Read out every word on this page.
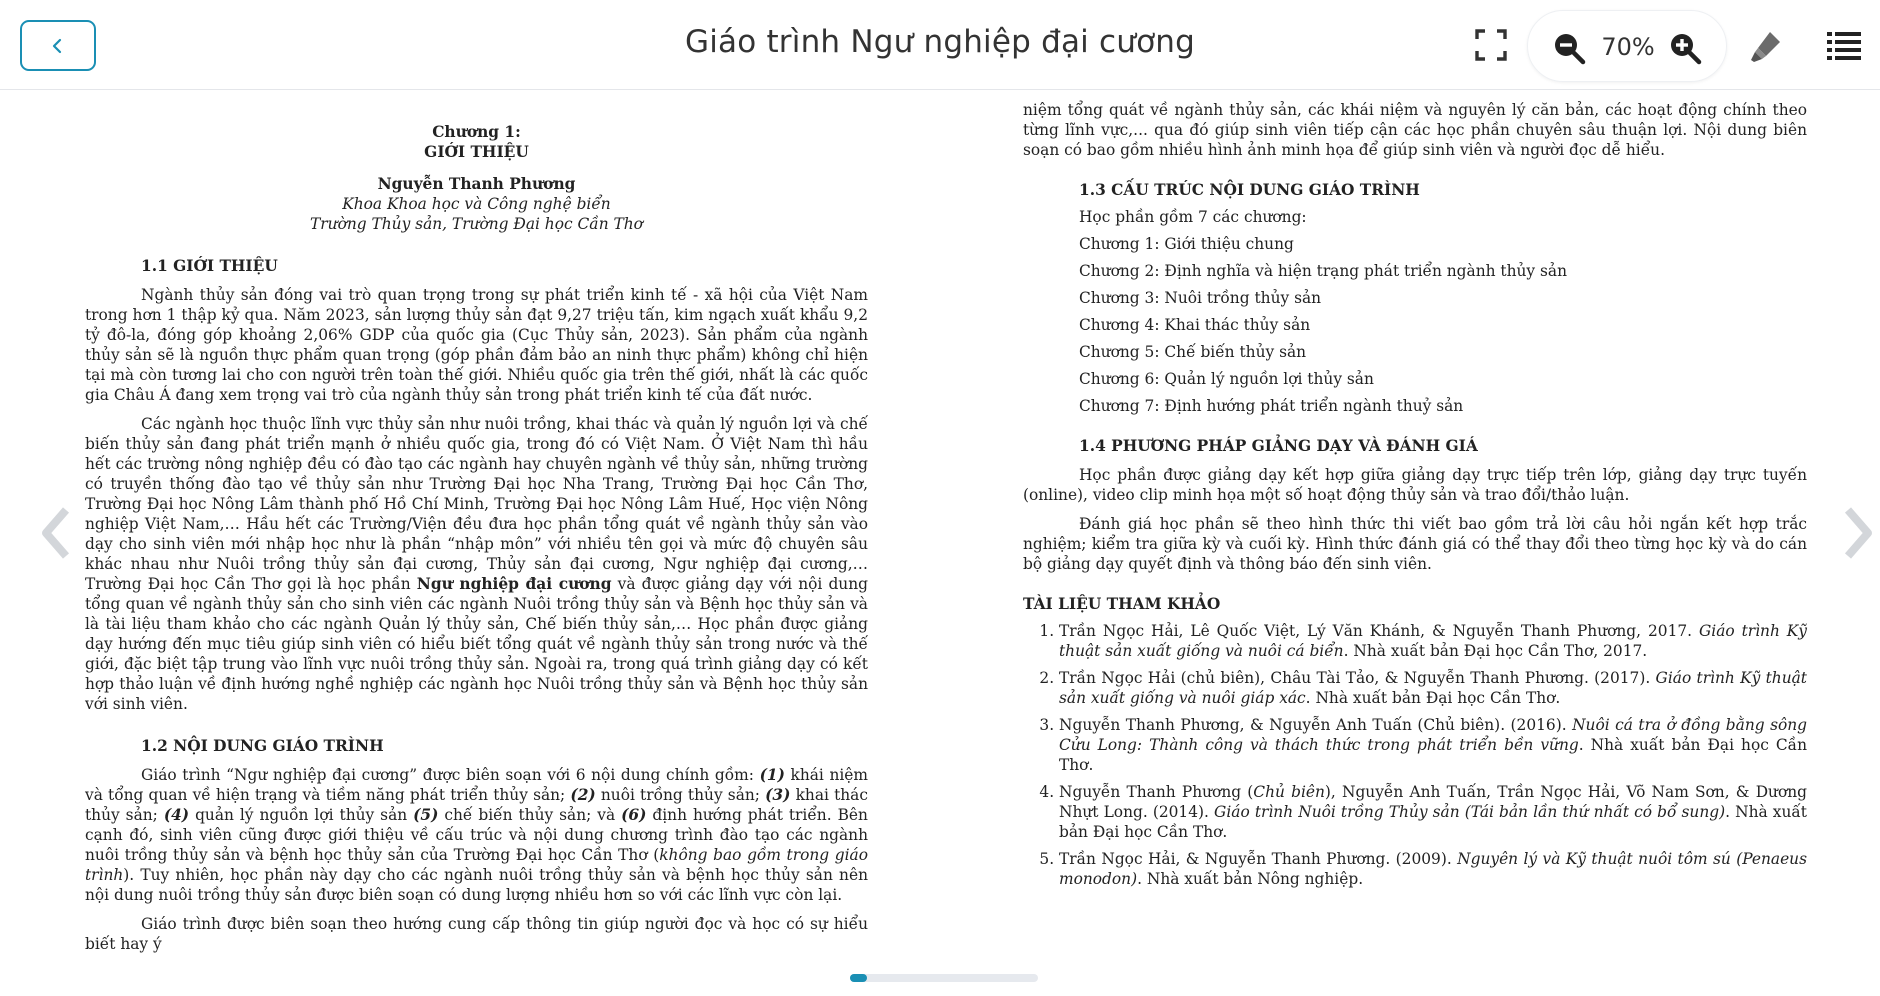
Giáo trình Ngư nghiệp đại cương	70%
Chương 1:
GIỚI THIỆU
Nguyễn Thanh Phương
Khoa Khoa học và Công nghệ biển
Trường Thủy sản, Trường Đại học Cần Thơ
1.1 GIỚI THIỆU

Ngành thủy sản đóng vai trò quan trọng trong sự phát triển kinh tế - xã hội của Việt Nam trong hơn 1 thập kỷ qua. Năm 2023, sản lượng thủy sản đạt 9,27 triệu tấn, kim ngạch xuất khẩu 9,2 tỷ đô-la, đóng góp khoảng 2,06% GDP của quốc gia (Cục Thủy sản, 2023). Sản phẩm của ngành thủy sản sẽ là nguồn thực phẩm quan trọng (góp phần đảm bảo an ninh thực phẩm) không chỉ hiện tại mà còn tương lai cho con người trên toàn thế giới. Nhiều quốc gia trên thế giới, nhất là các quốc gia Châu Á đang xem trọng vai trò của ngành thủy sản trong phát triển kinh tế của đất nước.

Các ngành học thuộc lĩnh vực thủy sản như nuôi trồng, khai thác và quản lý nguồn lợi và chế biến thủy sản đang phát triển mạnh ở nhiều quốc gia, trong đó có Việt Nam. Ở Việt Nam thì hầu hết các trường nông nghiệp đều có đào tạo các ngành hay chuyên ngành về thủy sản, những trường có truyền thống đào tạo về thủy sản như Trường Đại học Nha Trang, Trường Đại học Cần Thơ, Trường Đại học Nông Lâm thành phố Hồ Chí Minh, Trường Đại học Nông Lâm Huế, Học viện Nông nghiệp Việt Nam,… Hầu hết các Trường/Viện đều đưa học phần tổng quát về ngành thủy sản vào dạy cho sinh viên mới nhập học như là phần “nhập môn” với nhiều tên gọi và mức độ chuyên sâu khác nhau như Nuôi trồng thủy sản đại cương, Thủy sản đại cương, Ngư nghiệp đại cương,… Trường Đại học Cần Thơ gọi là học phần Ngư nghiệp đại cương và được giảng dạy với nội dung tổng quan về ngành thủy sản cho sinh viên các ngành Nuôi trồng thủy sản và Bệnh học thủy sản và là tài liệu tham khảo cho các ngành Quản lý thủy sản, Chế biến thủy sản,… Học phần được giảng dạy hướng đến mục tiêu giúp sinh viên có hiểu biết tổng quát về ngành thủy sản trong nước và thế giới, đặc biệt tập trung vào lĩnh vực nuôi trồng thủy sản. Ngoài ra, trong quá trình giảng dạy có kết hợp thảo luận về định hướng nghề nghiệp các ngành học Nuôi trồng thủy sản và Bệnh học thủy sản với sinh viên.

1.2 NỘI DUNG GIÁO TRÌNH

Giáo trình “Ngư nghiệp đại cương” được biên soạn với 6 nội dung chính gồm: (1) khái niệm và tổng quan về hiện trạng và tiềm năng phát triển thủy sản; (2) nuôi trồng thủy sản; (3) khai thác thủy sản; (4) quản lý nguồn lợi thủy sản (5) chế biến thủy sản; và (6) định hướng phát triển. Bên cạnh đó, sinh viên cũng được giới thiệu về cấu trúc và nội dung chương trình đào tạo các ngành nuôi trồng thủy sản và bệnh học thủy sản của Trường Đại học Cần Thơ (không bao gồm trong giáo trình). Tuy nhiên, học phần này dạy cho các ngành nuôi trồng thủy sản và bệnh học thủy sản nên nội dung nuôi trồng thủy sản được biên soạn có dung lượng nhiều hơn so với các lĩnh vực còn lại.

Giáo trình được biên soạn theo hướng cung cấp thông tin giúp người đọc và học có sự hiểu biết hay ý

niệm tổng quát về ngành thủy sản, các khái niệm và nguyên lý căn bản, các hoạt động chính theo từng lĩnh vực,... qua đó giúp sinh viên tiếp cận các học phần chuyên sâu thuận lợi. Nội dung biên soạn có bao gồm nhiều hình ảnh minh họa để giúp sinh viên và người đọc dễ hiểu.

1.3 CẤU TRÚC NỘI DUNG GIÁO TRÌNH
Học phần gồm 7 các chương:
Chương 1: Giới thiệu chung
Chương 2: Định nghĩa và hiện trạng phát triển ngành thủy sản
Chương 3: Nuôi trồng thủy sản
Chương 4: Khai thác thủy sản
Chương 5: Chế biến thủy sản
Chương 6: Quản lý nguồn lợi thủy sản
Chương 7: Định hướng phát triển ngành thuỷ sản
1.4 PHƯƠNG PHÁP GIẢNG DẠY VÀ ĐÁNH GIÁ

Học phần được giảng dạy kết hợp giữa giảng dạy trực tiếp trên lớp, giảng dạy trực tuyến (online), video clip minh họa một số hoạt động thủy sản và trao đổi/thảo luận.

Đánh giá học phần sẽ theo hình thức thi viết bao gồm trả lời câu hỏi ngắn kết hợp trắc nghiệm; kiểm tra giữa kỳ và cuối kỳ. Hình thức đánh giá có thể thay đổi theo từng học kỳ và do cán bộ giảng dạy quyết định và thông báo đến sinh viên.

TÀI LIỆU THAM KHẢO
1. Trần Ngọc Hải, Lê Quốc Việt, Lý Văn Khánh, & Nguyễn Thanh Phương, 2017. Giáo trình Kỹ thuật sản xuất giống và nuôi cá biển. Nhà xuất bản Đại học Cần Thơ, 2017.
2. Trần Ngọc Hải (chủ biên), Châu Tài Tảo, & Nguyễn Thanh Phương. (2017). Giáo trình Kỹ thuật sản xuất giống và nuôi giáp xác. Nhà xuất bản Đại học Cần Thơ.
3. Nguyễn Thanh Phương, & Nguyễn Anh Tuấn (Chủ biên). (2016). Nuôi cá tra ở đồng bằng sông Cửu Long: Thành công và thách thức trong phát triển bền vững. Nhà xuất bản Đại học Cần Thơ.
4. Nguyễn Thanh Phương (Chủ biên), Nguyễn Anh Tuấn, Trần Ngọc Hải, Võ Nam Sơn, & Dương Nhựt Long. (2014). Giáo trình Nuôi trồng Thủy sản (Tái bản lần thứ nhất có bổ sung). Nhà xuất bản Đại học Cần Thơ.
5. Trần Ngọc Hải, & Nguyễn Thanh Phương. (2009). Nguyên lý và Kỹ thuật nuôi tôm sú (Penaeus monodon). Nhà xuất bản Nông nghiệp.
